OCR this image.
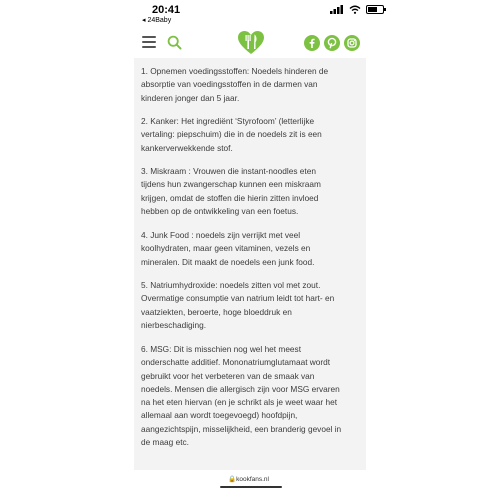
20:41
◂ 24Baby

1. Opnemen voedingsstoffen: Noedels hinderen de
absorptie van voedingsstoffen in de darmen van
kinderen jonger dan 5 jaar.

2. Kanker: Het ingrediënt ‘Styrofoom’ (letterlijke
vertaling: piepschuim) die in de noedels zit is een
kankerverwekkende stof.

3. Miskraam : Vrouwen die instant-noodles eten
tijdens hun zwangerschap kunnen een miskraam
krijgen, omdat de stoffen die hierin zitten invloed
hebben op de ontwikkeling van een foetus.

4. Junk Food : noedels zijn verrijkt met veel
koolhydraten, maar geen vitaminen, vezels en
mineralen. Dit maakt de noedels een junk food.

5. Natriumhydroxide: noedels zitten vol met zout.
Overmatige consumptie van natrium leidt tot hart- en
vaatziekten, beroerte, hoge bloeddruk en
nierbeschadiging.

6. MSG: Dit is misschien nog wel het meest
onderschatte additief. Mononatriumglutamaat wordt
gebruikt voor het verbeteren van de smaak van
noedels. Mensen die allergisch zijn voor MSG ervaren
na het eten hiervan (en je schrikt als je weet waar het
allemaal aan wordt toegevoegd) hoofdpijn,
aangezichtspijn, misselijkheid, een branderig gevoel in
de maag etc.

🔒kookfans.nl
